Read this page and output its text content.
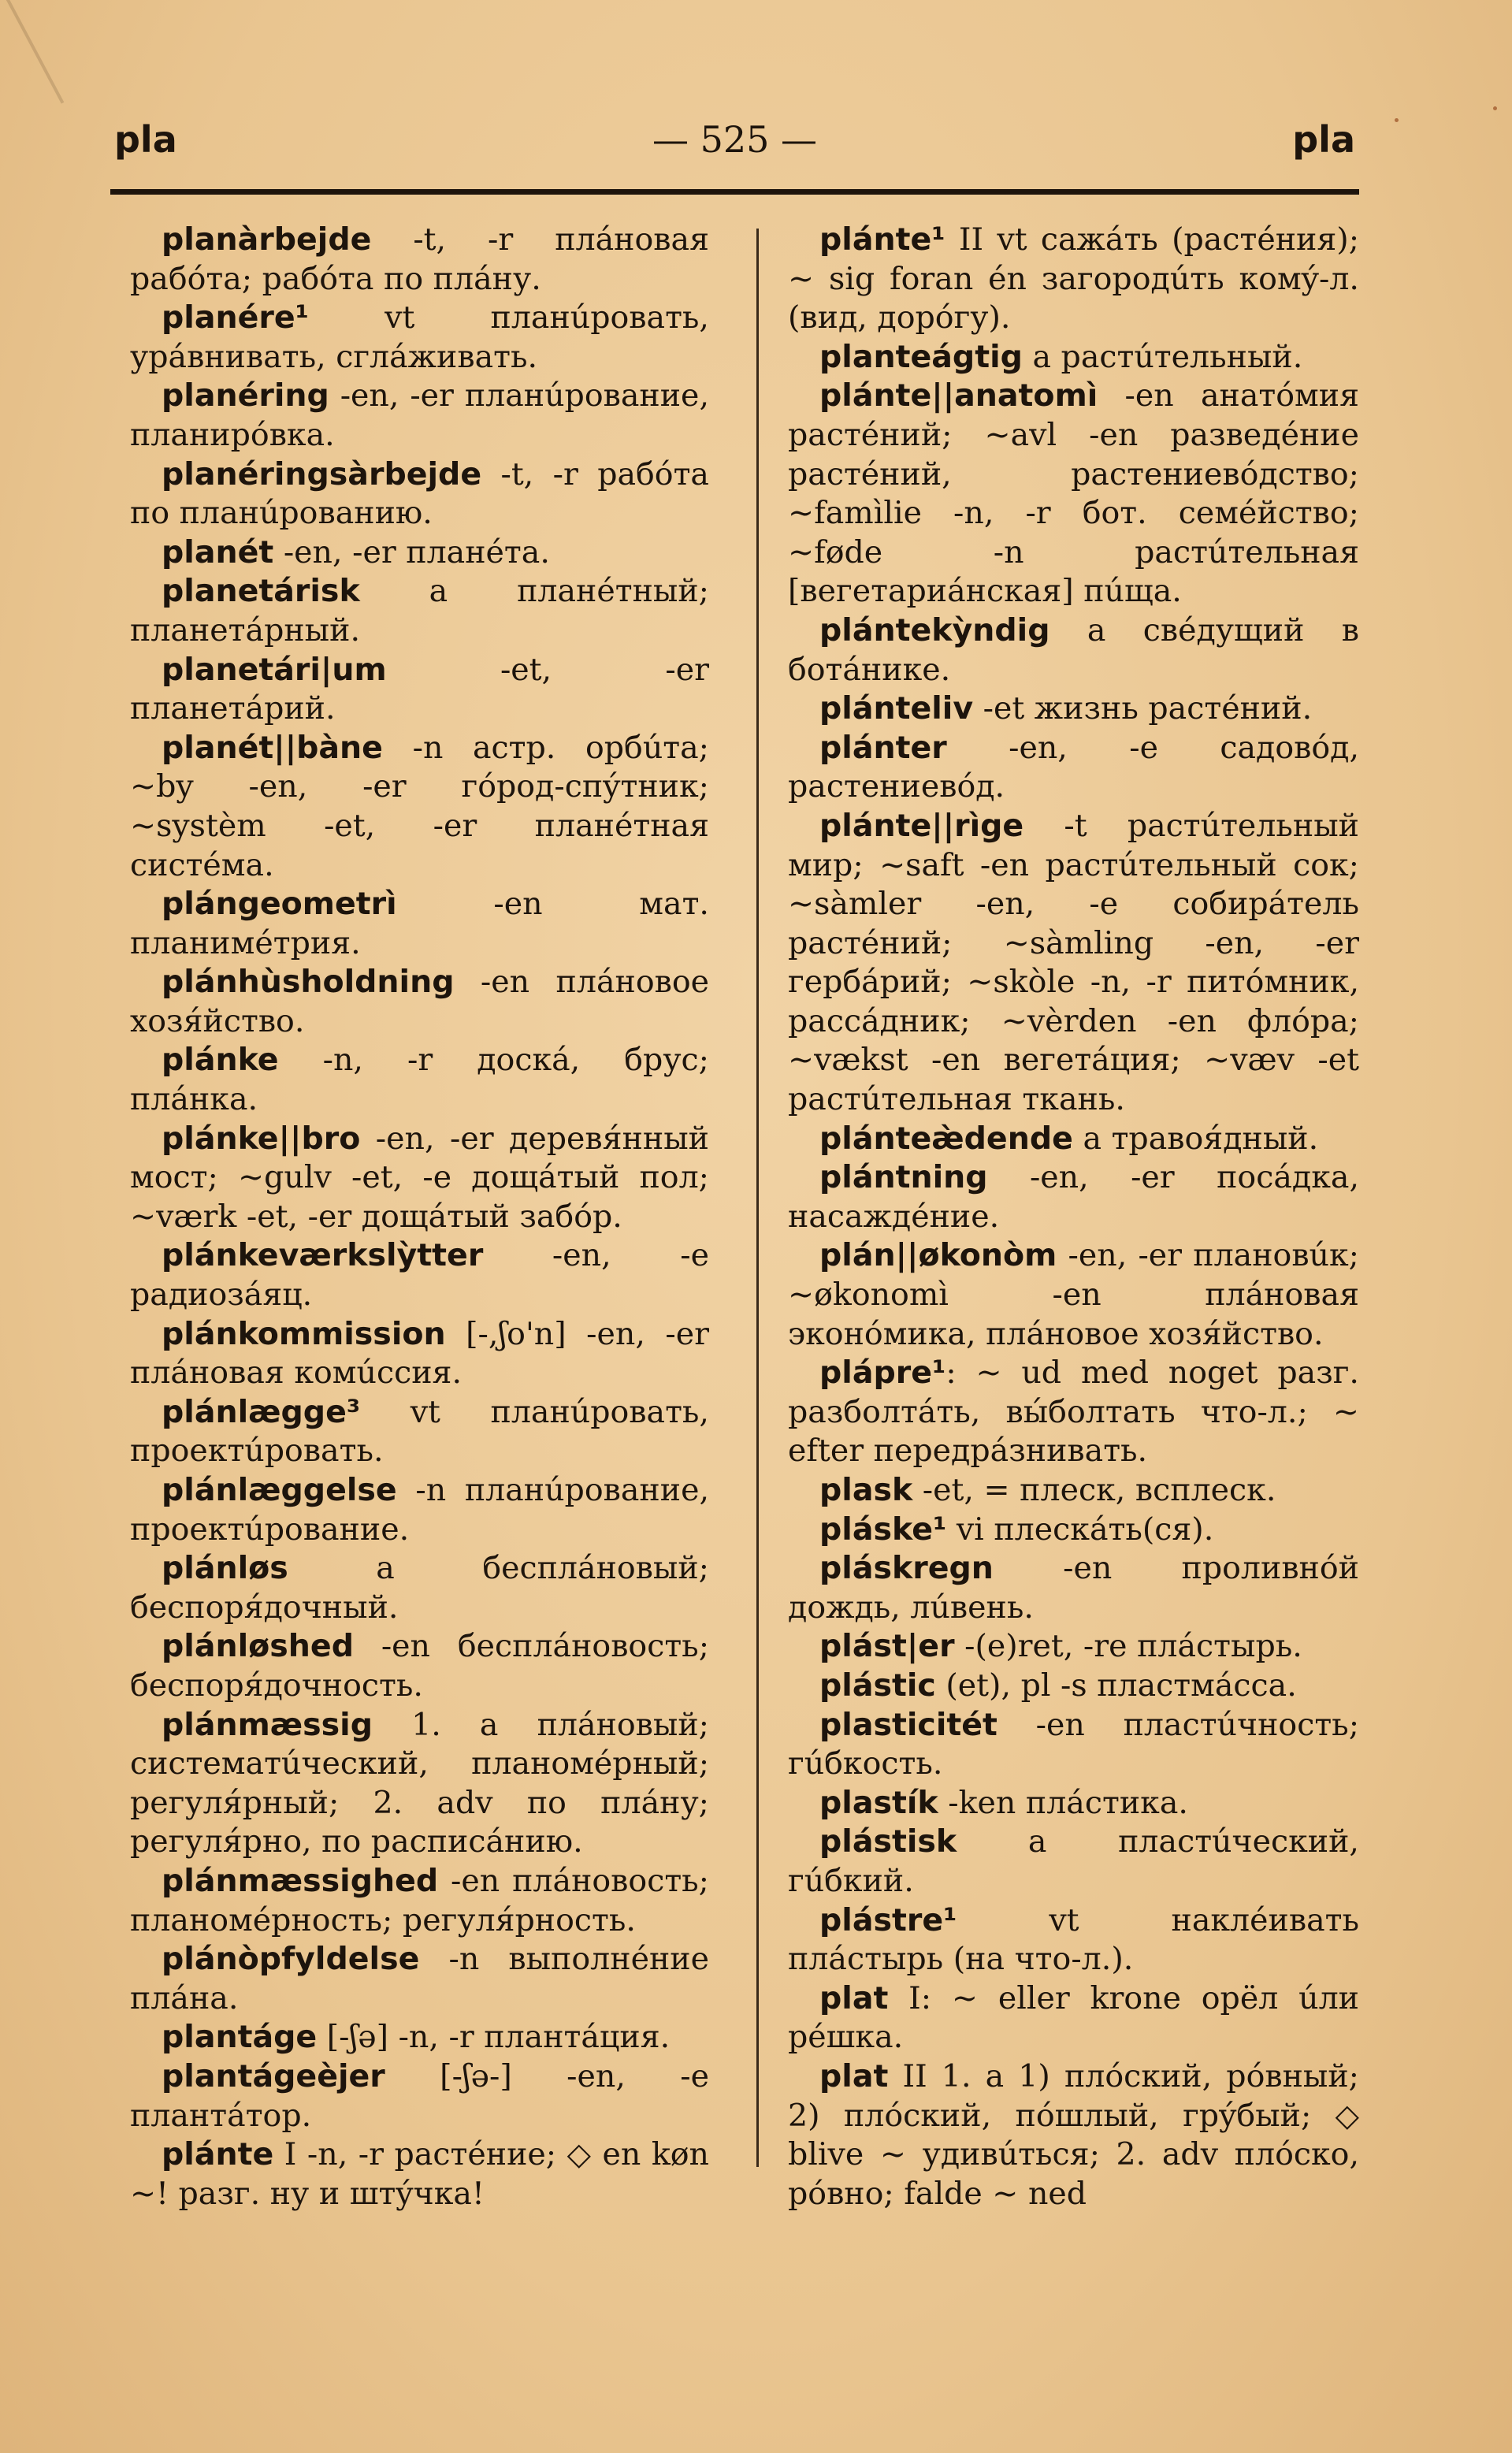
pla	— 525 —	pla

planàrbejde -t, -r плáновая рабóта; рабóта по плáну.

planére¹ vt планúровать, урáвнивать, сглáживать.

planéring -en, -er планúрование, планирóвка.

planéringsàrbejde -t, -r рабóта по планúрованию.

planét -en, -er планéта.

planetárisk a планéтный; планетáрный.

planetári|um -et, -er планетáрий.

planét||bàne -n астр. орбúта; ~by -en, -er гóрод-спýтник; ~systèm -et, -er планéтная систéма.

plángeometrì -en мат. планимéтрия.

plánhùsholdning -en плáновое хозя́йство.

plánke -n, -r доскá, брус; плáнка.

plánke||bro -en, -er деревя́нный мост; ~gulv -et, -e дощáтый пол; ~værk -et, -er дощáтый забóр.

plánkeværkslỳtter -en, -e радиозáяц.

plánkommission [-,ʃo'n] -en, -er плáновая комúссия.

plánlægge³ vt планúровать, проектúровать.

plánlæggelse -n планúрование, проектúрование.

plánløs a бесплáновый; беспоря́дочный.

plánløshed -en бесплáновость; беспоря́дочность.

plánmæssig 1. a плáновый; систематúческий, планомéрный; регуля́рный; 2. adv по плáну; регуля́рно, по расписáнию.

plánmæssighed -en плáновость; планомéрность; регуля́рность.

plánòpfyldelse -n выполнéние плáна.

plantáge [-ʃə] -n, -r плантáция.

plantágeèjer [-ʃə-] -en, -e плантáтор.

plánte I -n, -r растéние; ◇ en køn ~! разг. ну и штýчка!

plánte¹ II vt сажáть (растéния); ~ sig foran én загородúть комý-л. (вид, дорóгу).

planteágtig a растúтельный.

plánte||anatomì -en анатóмия растéний; ~avl -en разведéние растéний, растениевóдство; ~famìlie -n, -r бот. семéйство; ~føde -n растúтельная [вегетариáнская] пúща.

plántekỳndig a свéдущий в ботáнике.

plánteliv -et жизнь растéний.

plánter -en, -e садовóд, растениевóд.

plánte||rìge -t растúтельный мир; ~saft -en растúтельный сок; ~sàmler -en, -e собирáтель растéний; ~sàmling -en, -er гербáрий; ~skòle -n, -r питóмник, рассáдник; ~vèrden -en флóра; ~vækst -en вегетáция; ~væv -et растúтельная ткань.

plánteæ̀dende a травоя́дный.

plántning -en, -er посáдка, насаждéние.

plán||økonòm -en, -er плановúк; ~økonomì -en плáновая эконóмика, плáновое хозя́йство.

plápre¹: ~ ud med noget разг. разболтáть, вы́болтать что-л.; ~ efter передрáзнивать.

plask -et, = плеск, всплеск.

pláske¹ vi плескáть(ся).

pláskregn -en проливнóй дождь, лúвень.

plást|er -(e)ret, -re плáстырь.

plástic (et), pl -s пластмáсса.

plasticitét -en пластúчность; гúбкость.

plastík -ken плáстика.

plástisk a пластúческий, гúбкий.

plástre¹ vt наклéивать плáстырь (на что-л.).

plat I: ~ eller krone орёл úли рéшка.

plat II 1. a 1) плóский, рóвный; 2) плóский, пóшлый, грýбый; ◇ blive ~ удивúться; 2. adv плóско, рóвно; falde ~ ned
